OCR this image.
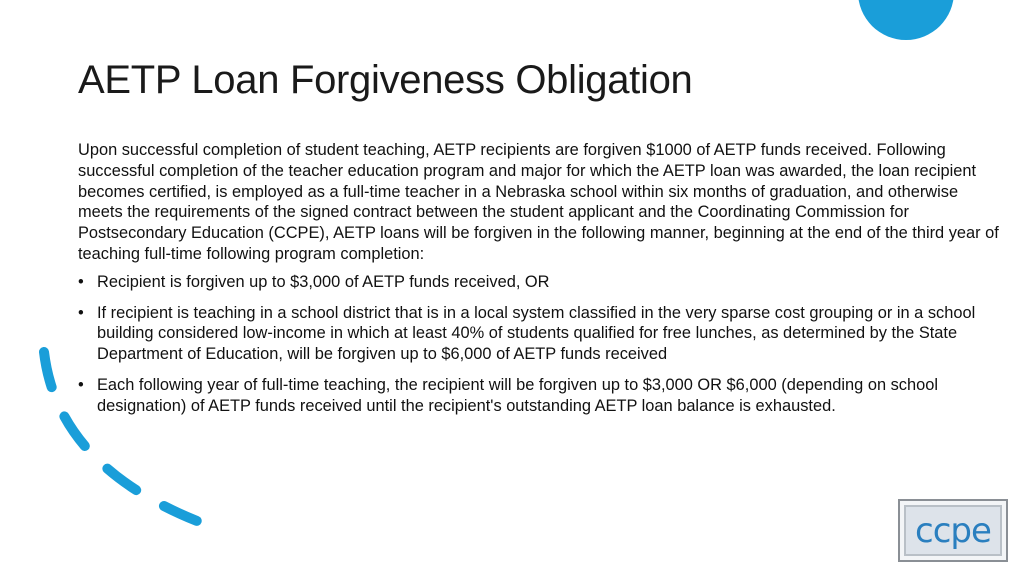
AETP Loan Forgiveness Obligation

Upon successful completion of student teaching, AETP recipients are forgiven $1000 of AETP funds received. Following successful completion of the teacher education program and major for which the AETP loan was awarded, the loan recipient becomes certified, is employed as a full-time teacher in a Nebraska school within six months of graduation, and otherwise meets the requirements of the signed contract between the student applicant and the Coordinating Commission for Postsecondary Education (CCPE), AETP loans will be forgiven in the following manner, beginning at the end of the third year of teaching full-time following program completion:

• Recipient is forgiven up to $3,000 of AETP funds received, OR
• If recipient is teaching in a school district that is in a local system classified in the very sparse cost grouping or in a school building considered low-income in which at least 40% of students qualified for free lunches, as determined by the State Department of Education, will be forgiven up to $6,000 of AETP funds received
• Each following year of full-time teaching, the recipient will be forgiven up to $3,000 OR $6,000 (depending on school designation) of AETP funds received until the recipient's outstanding AETP loan balance is exhausted.
ccpe
